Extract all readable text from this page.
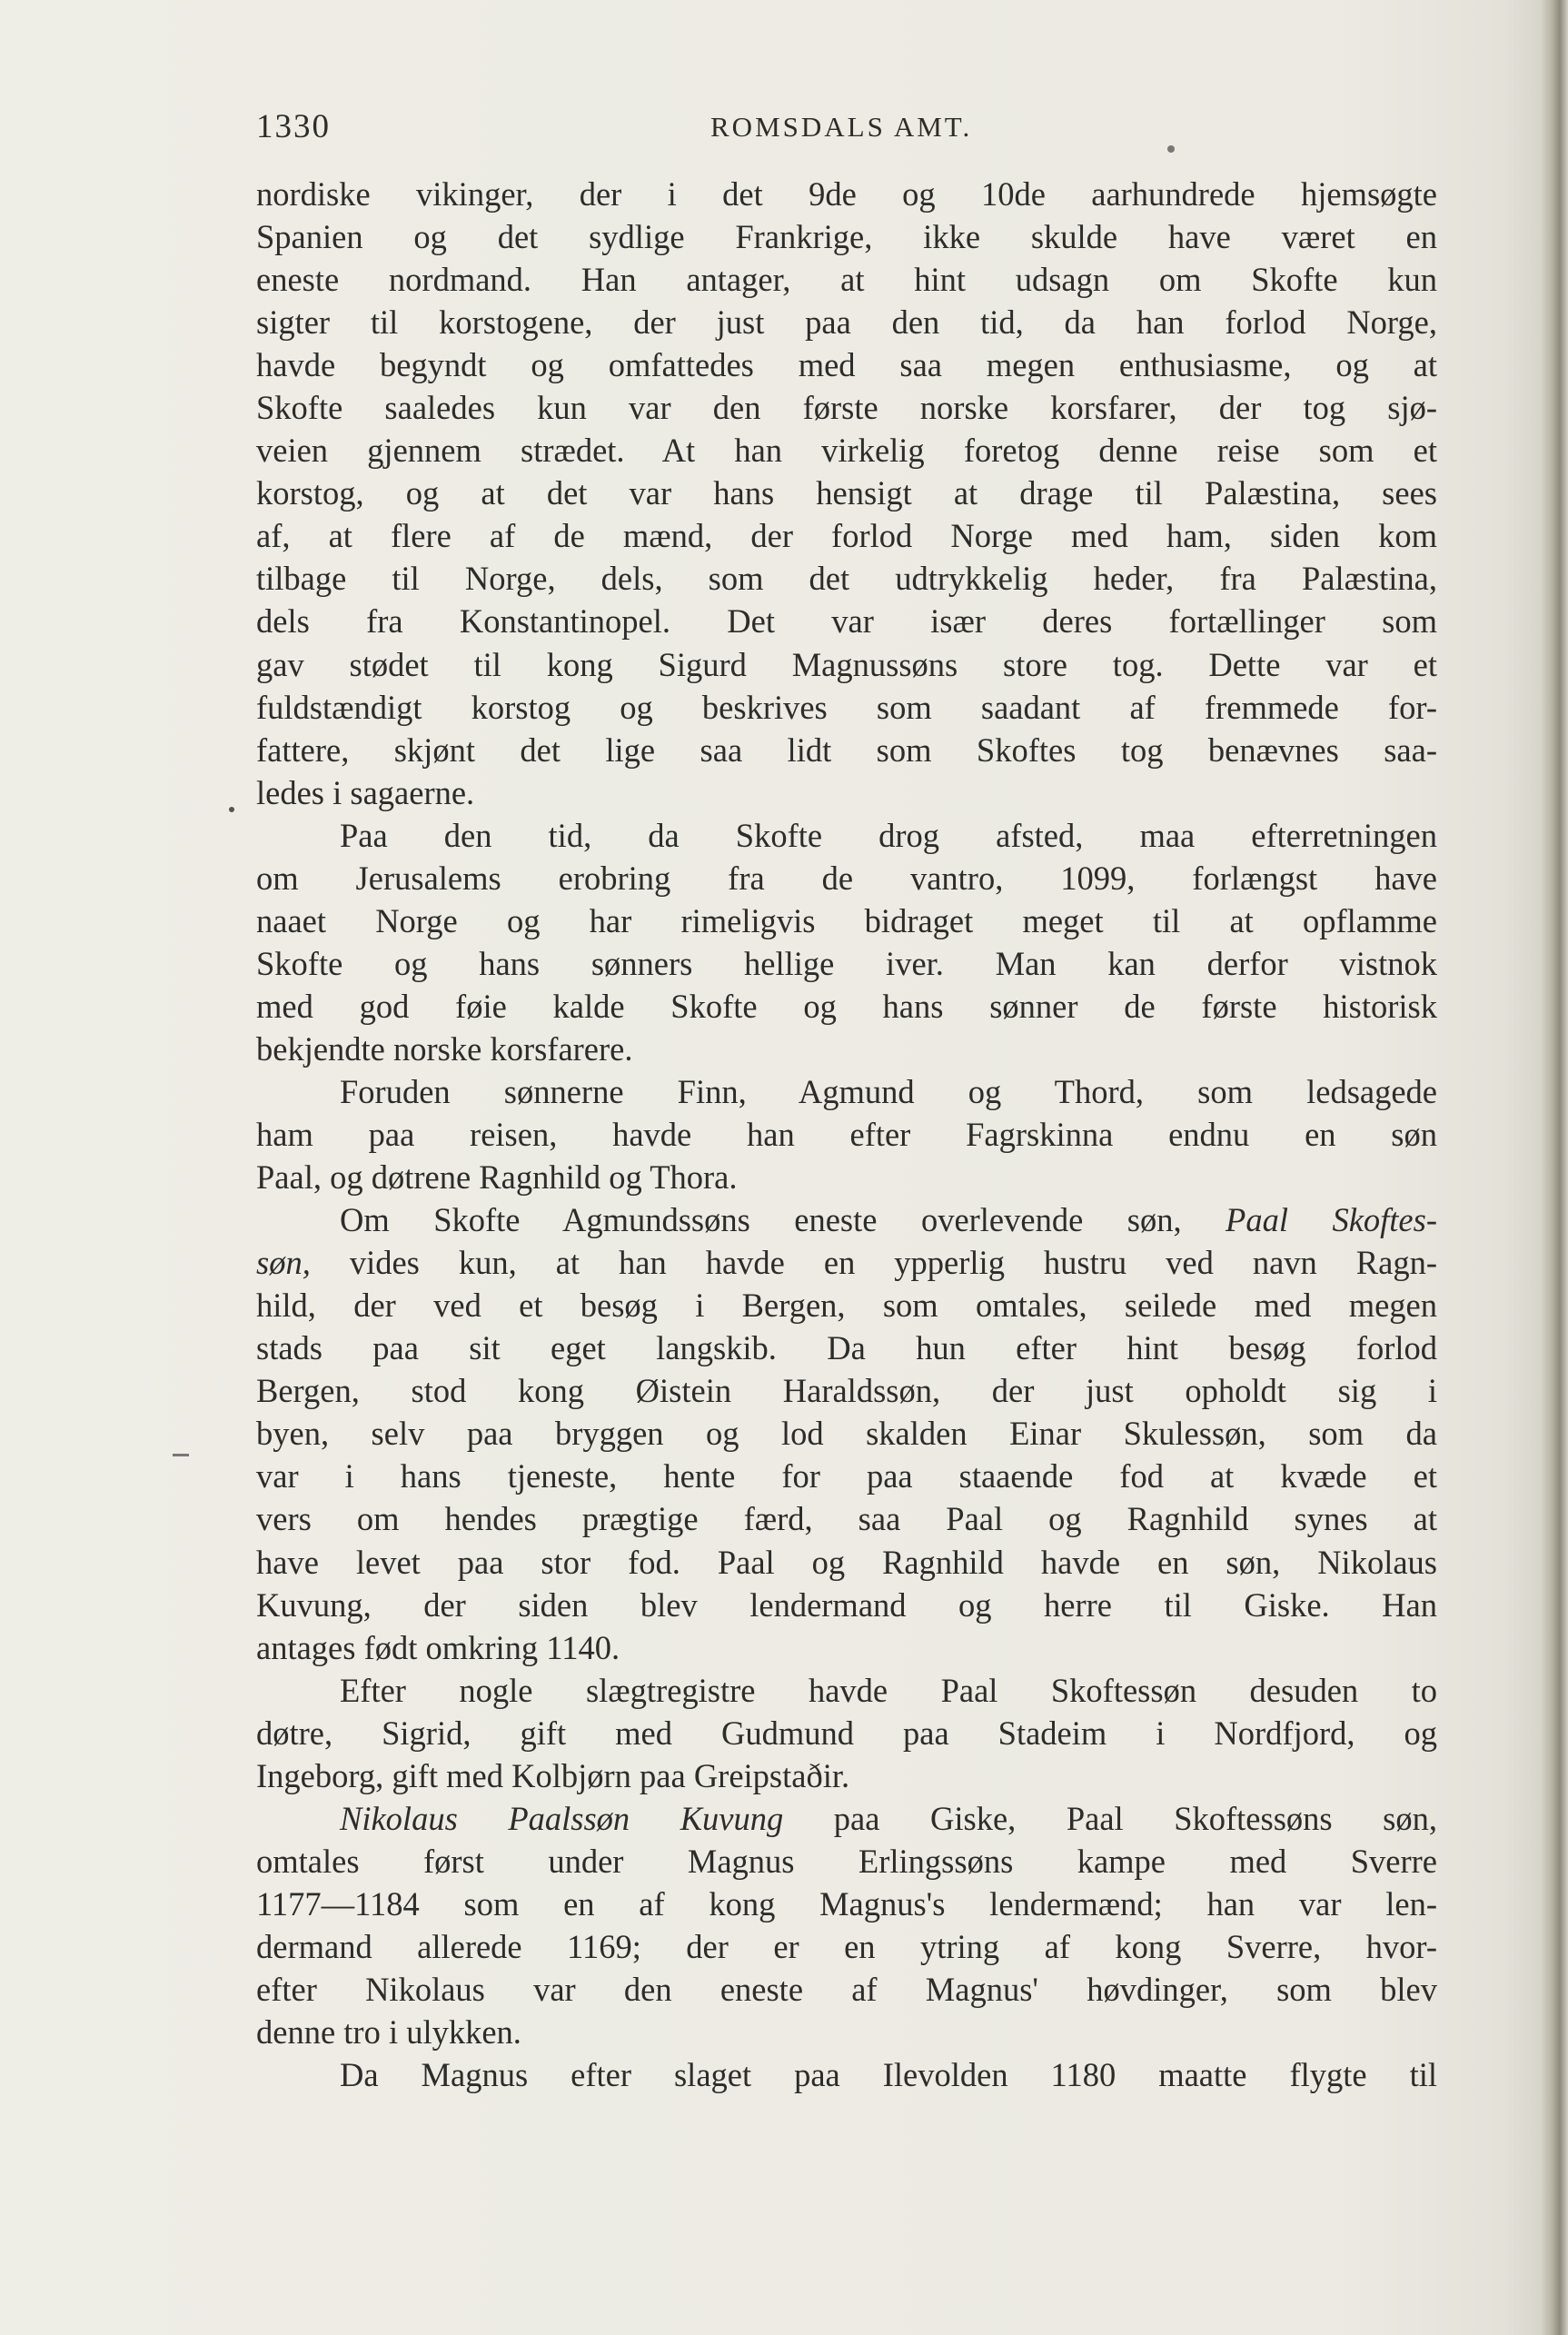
1330	ROMSDALS AMT.
nordiske vikinger, der i det 9de og 10de aarhundrede hjemsøgte
Spanien og det sydlige Frankrige, ikke skulde have været en
eneste nordmand. Han antager, at hint udsagn om Skofte kun
sigter til korstogene, der just paa den tid, da han forlod Norge,
havde begyndt og omfattedes med saa megen enthusiasme, og at
Skofte saaledes kun var den første norske korsfarer, der tog sjø-
veien gjennem strædet. At han virkelig foretog denne reise som et
korstog, og at det var hans hensigt at drage til Palæstina, sees
af, at flere af de mænd, der forlod Norge med ham, siden kom
tilbage til Norge, dels, som det udtrykkelig heder, fra Palæstina,
dels fra Konstantinopel. Det var især deres fortællinger som
gav stødet til kong Sigurd Magnussøns store tog. Dette var et
fuldstændigt korstog og beskrives som saadant af fremmede for-
fattere, skjønt det lige saa lidt som Skoftes tog benævnes saa-
ledes i sagaerne.
Paa den tid, da Skofte drog afsted, maa efterretningen
om Jerusalems erobring fra de vantro, 1099, forlængst have
naaet Norge og har rimeligvis bidraget meget til at opflamme
Skofte og hans sønners hellige iver. Man kan derfor vistnok
med god føie kalde Skofte og hans sønner de første historisk
bekjendte norske korsfarere.
Foruden sønnerne Finn, Agmund og Thord, som ledsagede
ham paa reisen, havde han efter Fagrskinna endnu en søn
Paal, og døtrene Ragnhild og Thora.
Om Skofte Agmundssøns eneste overlevende søn, Paal Skoftes-
søn, vides kun, at han havde en ypperlig hustru ved navn Ragn-
hild, der ved et besøg i Bergen, som omtales, seilede med megen
stads paa sit eget langskib. Da hun efter hint besøg forlod
Bergen, stod kong Øistein Haraldssøn, der just opholdt sig i
byen, selv paa bryggen og lod skalden Einar Skulessøn, som da
var i hans tjeneste, hente for paa staaende fod at kvæde et
vers om hendes prægtige færd, saa Paal og Ragnhild synes at
have levet paa stor fod. Paal og Ragnhild havde en søn, Nikolaus
Kuvung, der siden blev lendermand og herre til Giske. Han
antages født omkring 1140.
Efter nogle slægtregistre havde Paal Skoftessøn desuden to
døtre, Sigrid, gift med Gudmund paa Stadeim i Nordfjord, og
Ingeborg, gift med Kolbjørn paa Greipstaðir.
Nikolaus Paalssøn Kuvung paa Giske, Paal Skoftessøns søn,
omtales først under Magnus Erlingssøns kampe med Sverre
1177—1184 som en af kong Magnus's lendermænd; han var len-
dermand allerede 1169; der er en ytring af kong Sverre, hvor-
efter Nikolaus var den eneste af Magnus' høvdinger, som blev
denne tro i ulykken.
Da Magnus efter slaget paa Ilevolden 1180 maatte flygte til
